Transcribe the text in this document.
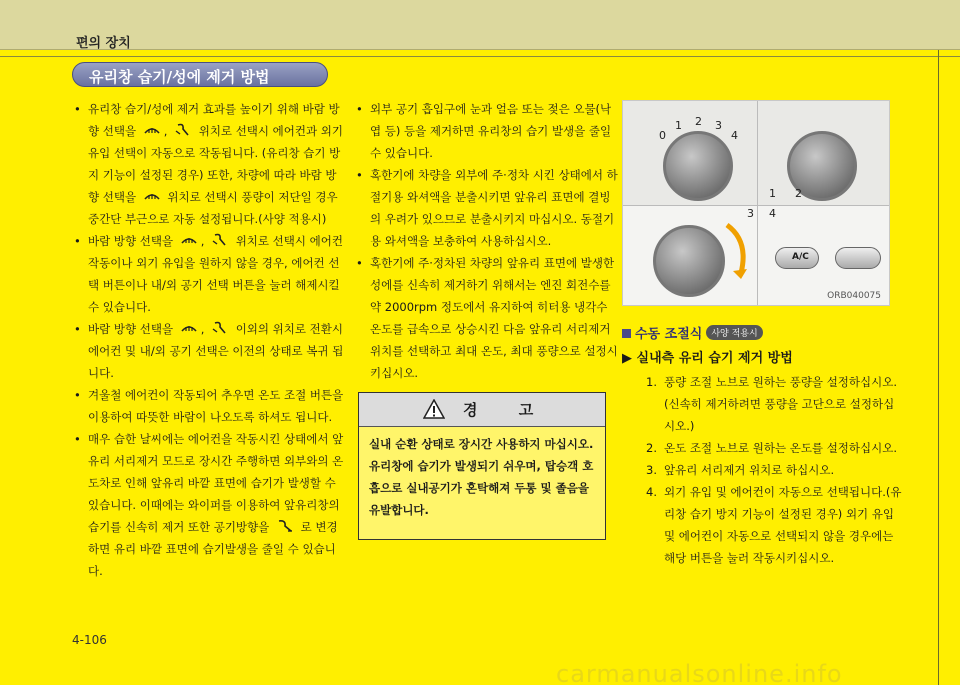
편의 장치
유리창 습기/성에 제거 방법
• 유리창 습기/성에 제거 효과를 높이기 위해 바람 방향 선택을 ,	위치로 선택시 에어컨과 외기 유입 선택이 자동으로 작동됩니다. (유리창 습기 방지 기능이 설정된 경우) 또한, 차량에 따라 바람 방향 선택을	위치로 선택시 풍량이 저단일 경우 중간단 부근으로 자동 설정됩니다.(사양 적용시)
• 바람 방향 선택을 ,	위치로 선택시 에어컨 작동이나 외기 유입을 원하지 않을 경우, 에어컨 선택 버튼이나 내/외 공기 선택 버튼을 눌러 해제시킬 수 있습니다.
• 바람 방향 선택을 ,	이외의 위치로 전환시 에어컨 및 내/외 공기 선택은 이전의 상태로 복귀 됩니다.
• 겨울철 에어컨이 작동되어 추우면 온도 조절 버튼을 이용하여 따뜻한 바람이 나오도록 하셔도 됩니다.
• 매우 습한 날씨에는 에어컨을 작동시킨 상태에서 앞유리 서리제거 모드로 장시간 주행하면 외부와의 온도차로 인해 앞유리 바깥 표면에 습기가 발생할 수 있습니다. 이때에는 와이퍼를 이용하여 앞유리창의 습기를 신속히 제거 또한 공기방향을	로 변경하면 유리 바깥 표면에 습기발생을 줄일 수 있습니다.
• 외부 공기 흡입구에 눈과 얼음 또는 젖은 오물(낙엽 등) 등을 제거하면 유리창의 습기 발생을 줄일 수 있습니다.
• 혹한기에 차량을 외부에 주·정차 시킨 상태에서 하절기용 와셔액을 분출시키면 앞유리 표면에 결빙의 우려가 있으므로 분출시키지 마십시오. 동절기용 와셔액을 보충하여 사용하십시오.
• 혹한기에 주·정차된 차량의 앞유리 표면에 발생한 성에를 신속히 제거하기 위해서는 엔진 회전수를 약 2000rpm 정도에서 유지하여 히터용 냉각수 온도를 급속으로 상승시킨 다음 앞유리 서리제거 위치를 선택하고 최대 온도, 최대 풍량으로 설정시키십시오.
경 고
실내 순환 상태로 장시간 사용하지 마십시오. 유리창에 습기가 발생되기 쉬우며, 탑승객 호흡으로 실내공기가 혼탁해져 두통 및 졸음을 유발합니다.
0
1 2 3
4
1 2
3 4
A/C
ORB040075
수동 조절식 사양 적용시
▶ 실내측 유리 습기 제거 방법
1. 풍량 조절 노브로 원하는 풍량을 설정하십시오. (신속히 제거하려면 풍량을 고단으로 설정하십시오.)
2. 온도 조절 노브로 원하는 온도를 설정하십시오.
3. 앞유리 서리제거 위치로 하십시오.
4. 외기 유입 및 에어컨이 자동으로 선택됩니다.(유리창 습기 방지 기능이 설정된 경우) 외기 유입 및 에어컨이 자동으로 선택되지 않을 경우에는 해당 버튼을 눌러 작동시키십시오.
4-106
carmanualsonline.info
